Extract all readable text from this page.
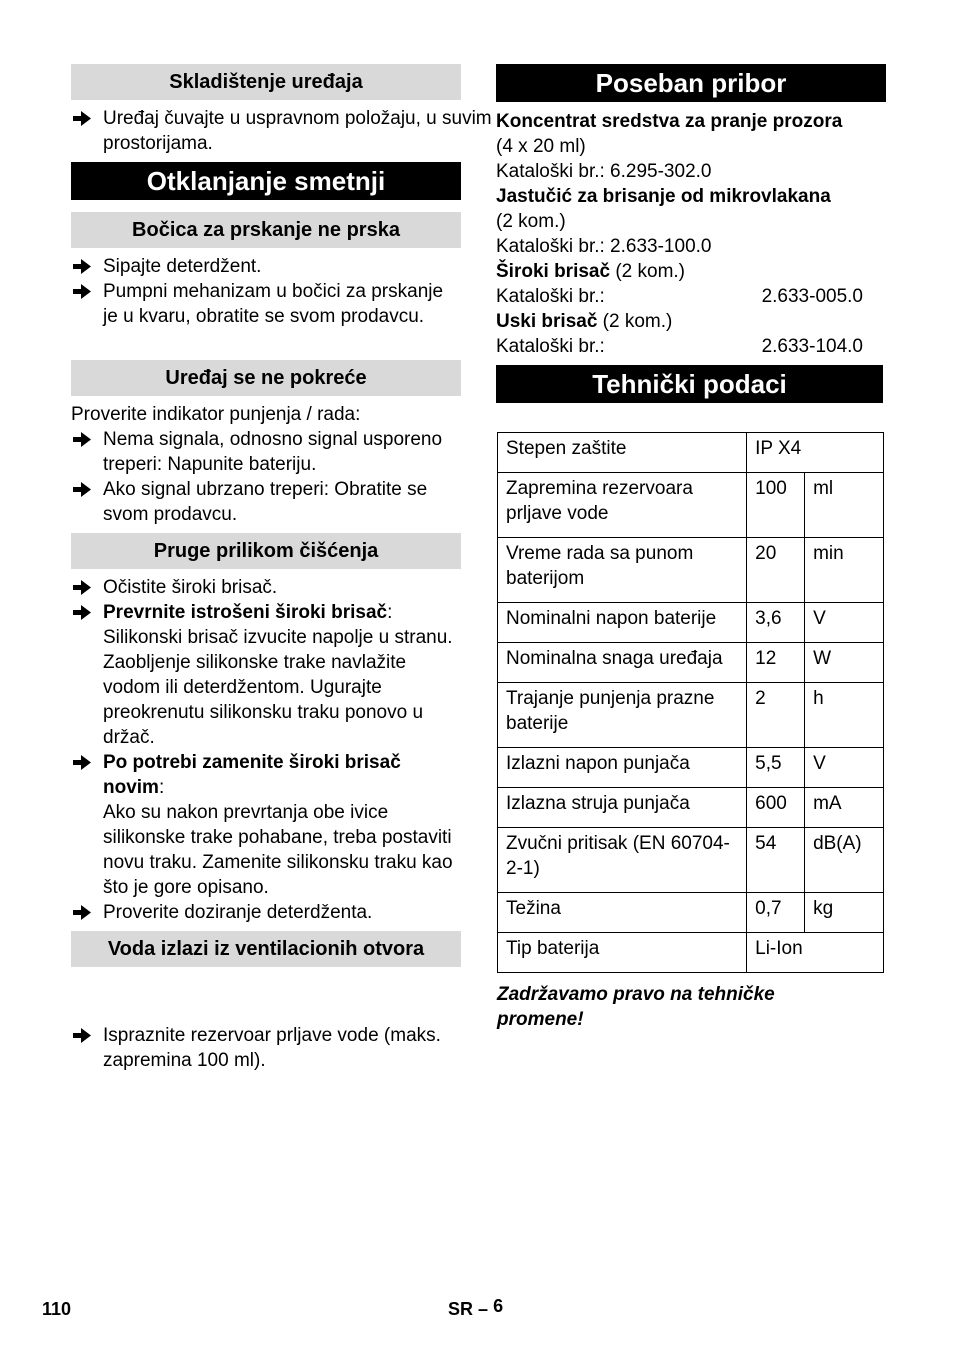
Skladištenje uređaja
Uređaj čuvajte u uspravnom položaju, u suvim prostorijama.
Otklanjanje smetnji
Bočica za prskanje ne prska
Sipajte deterdžent.
Pumpni mehanizam u bočici za prskanje je u kvaru, obratite se svom prodavcu.
Uređaj se ne pokreće

Proverite indikator punjenja / rada:

Nema signala, odnosno signal usporeno treperi: Napunite bateriju.
Ako signal ubrzano treperi: Obratite se svom prodavcu.
Pruge prilikom čišćenja
Očistite široki brisač.
Prevrnite istrošeni široki brisač:
Silikonski brisač izvucite napolje u stranu. Zaobljenje silikonske trake navlažite vodom ili deterdžentom. Ugurajte preokrenutu silikonsku traku ponovo u držač.
Po potrebi zamenite široki brisač novim:
Ako su nakon prevrtanja obe ivice silikonske trake pohabane, treba postaviti novu traku. Zamenite silikonsku traku kao što je gore opisano.
Proverite doziranje deterdženta.
Voda izlazi iz ventilacionih otvora
Ispraznite rezervoar prljave vode (maks. zapremina 100 ml).
Poseban pribor
Koncentrat sredstva za pranje prozora
(4 x 20 ml)
Kataloški br.: 6.295-302.0
Jastučić za brisanje od mikrovlakana
(2 kom.)
Kataloški br.: 2.633-100.0
Široki brisač (2 kom.)
Kataloški br.:	2.633-005.0
Uski brisač (2 kom.)
Kataloški br.:	2.633-104.0
Tehnički podaci
Stepen zaštite	IP X4	
Zapremina rezervoara prljave vode	100	ml
Vreme rada sa punom baterijom	20	min
Nominalni napon baterije	3,6	V
Nominalna snaga uređaja	12	W
Trajanje punjenja prazne baterije	2	h
Izlazni napon punjača	5,5	V
Izlazna struja punjača	600	mA
Zvučni pritisak (EN 60704-2-1)	54	dB(A)
Težina	0,7	kg
Tip baterija	Li-Ion	
Zadržavamo pravo na tehničke promene!
110	SR – 6
